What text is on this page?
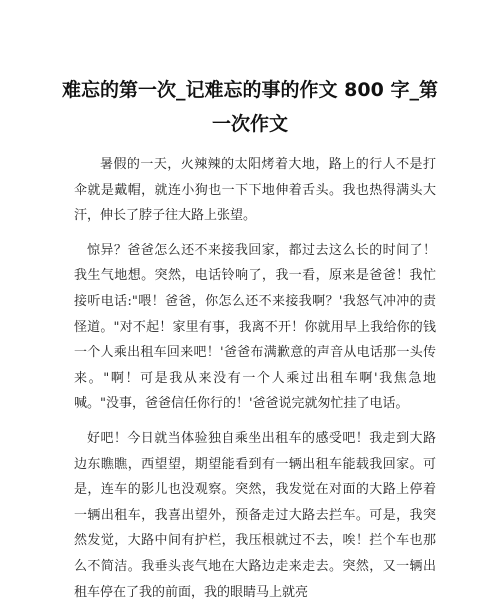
难忘的第一次_记难忘的事的作文 800 字_第一次作文

暑假的一天，火辣辣的太阳烤着大地，路上的行人不是打伞就是戴帽，就连小狗也一下下地伸着舌头。我也热得满头大汗，伸长了脖子往大路上张望。

惊异？爸爸怎么还不来接我回家，都过去这么长的时间了！我生气地想。突然，电话铃响了，我一看，原来是爸爸！我忙接听电话:"喂！爸爸，你怎么还不来接我啊？'我怒气冲冲的责怪道。"对不起！家里有事，我离不开！你就用早上我给你的钱一个人乘出租车回来吧！'爸爸布满歉意的声音从电话那一头传来。"啊！可是我从来没有一个人乘过出租车啊'我焦急地喊。"没事，爸爸信任你行的！'爸爸说完就匆忙挂了电话。

好吧！今日就当体验独自乘坐出租车的感受吧！我走到大路边东瞧瞧，西望望，期望能看到有一辆出租车能载我回家。可是，连车的影儿也没观察。突然，我发觉在对面的大路上停着一辆出租车，我喜出望外，预备走过大路去拦车。可是，我突然发觉，大路中间有护栏，我压根就过不去，唉！拦个车也那么不简洁。我垂头丧气地在大路边走来走去。突然，又一辆出租车停在了我的前面，我的眼睛马上就亮
